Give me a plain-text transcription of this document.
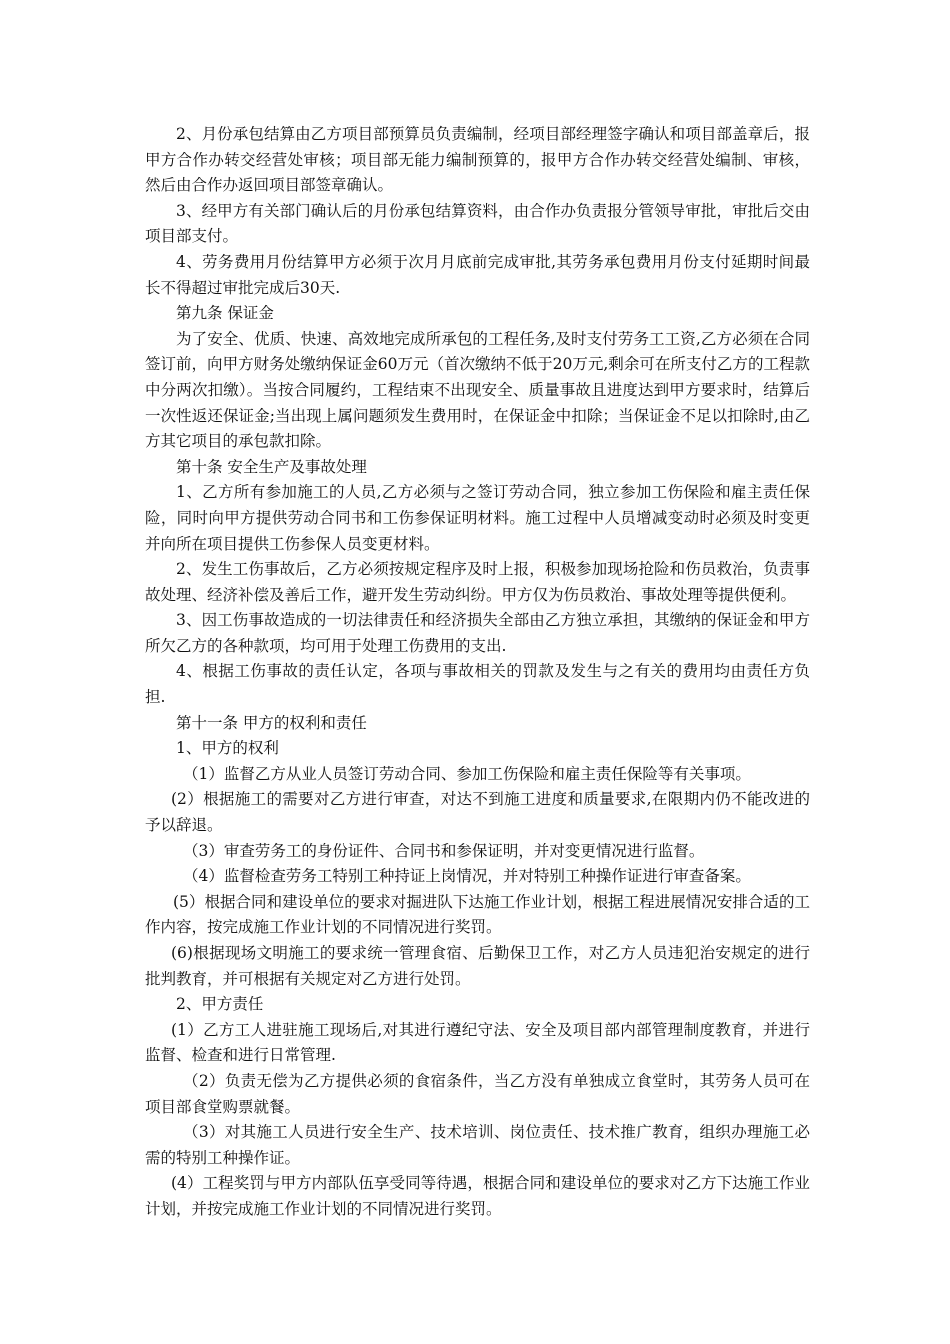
2、月份承包结算由乙方项目部预算员负责编制，经项目部经理签字确认和项目部盖章后，报甲方合作办转交经营处审核；项目部无能力编制预算的，报甲方合作办转交经营处编制、审核，然后由合作办返回项目部签章确认。

3、经甲方有关部门确认后的月份承包结算资料，由合作办负责报分管领导审批，审批后交由项目部支付。

4、劳务费用月份结算甲方必须于次月月底前完成审批,其劳务承包费用月份支付延期时间最长不得超过审批完成后30天.

第九条 保证金

为了安全、优质、快速、高效地完成所承包的工程任务,及时支付劳务工工资,乙方必须在合同签订前，向甲方财务处缴纳保证金60万元（首次缴纳不低于20万元,剩余可在所支付乙方的工程款中分两次扣缴）。当按合同履约，工程结束不出现安全、质量事故且进度达到甲方要求时，结算后一次性返还保证金;当出现上属问题须发生费用时，在保证金中扣除；当保证金不足以扣除时,由乙方其它项目的承包款扣除。

第十条 安全生产及事故处理

1、乙方所有参加施工的人员,乙方必须与之签订劳动合同，独立参加工伤保险和雇主责任保险，同时向甲方提供劳动合同书和工伤参保证明材料。施工过程中人员增减变动时必须及时变更并向所在项目提供工伤参保人员变更材料。

2、发生工伤事故后，乙方必须按规定程序及时上报，积极参加现场抢险和伤员救治，负责事故处理、经济补偿及善后工作，避开发生劳动纠纷。甲方仅为伤员救治、事故处理等提供便利。

3、因工伤事故造成的一切法律责任和经济损失全部由乙方独立承担，其缴纳的保证金和甲方所欠乙方的各种款项，均可用于处理工伤费用的支出.

4、根据工伤事故的责任认定，各项与事故相关的罚款及发生与之有关的费用均由责任方负担.

第十一条 甲方的权利和责任

1、甲方的权利

（1）监督乙方从业人员签订劳动合同、参加工伤保险和雇主责任保险等有关事项。

(2）根据施工的需要对乙方进行审查，对达不到施工进度和质量要求,在限期内仍不能改进的予以辞退。

（3）审查劳务工的身份证件、合同书和参保证明，并对变更情况进行监督。

（4）监督检查劳务工特别工种持证上岗情况，并对特别工种操作证进行审查备案。

(5）根据合同和建设单位的要求对掘进队下达施工作业计划，根据工程进展情况安排合适的工作内容，按完成施工作业计划的不同情况进行奖罚。

(6)根据现场文明施工的要求统一管理食宿、后勤保卫工作，对乙方人员违犯治安规定的进行批判教育，并可根据有关规定对乙方进行处罚。

2、甲方责任

(1）乙方工人进驻施工现场后,对其进行遵纪守法、安全及项目部内部管理制度教育，并进行监督、检查和进行日常管理.

（2）负责无偿为乙方提供必须的食宿条件，当乙方没有单独成立食堂时，其劳务人员可在项目部食堂购票就餐。

（3）对其施工人员进行安全生产、技术培训、岗位责任、技术推广教育，组织办理施工必需的特别工种操作证。

(4）工程奖罚与甲方内部队伍享受同等待遇，根据合同和建设单位的要求对乙方下达施工作业计划，并按完成施工作业计划的不同情况进行奖罚。
